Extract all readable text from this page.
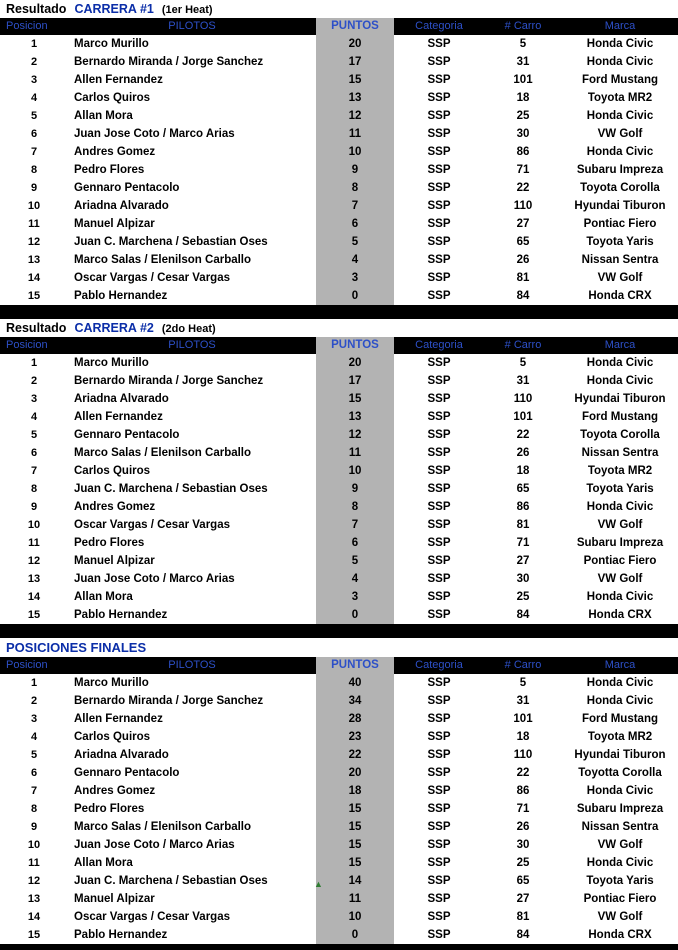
Resultado CARRERA #1 (1er Heat)
Posicion	PILOTOS	PUNTOS	Categoria	# Carro	Marca
1	Marco Murillo	20	SSP	5	Honda Civic
2	Bernardo Miranda / Jorge Sanchez	17	SSP	31	Honda Civic
3	Allen Fernandez	15	SSP	101	Ford Mustang
4	Carlos Quiros	13	SSP	18	Toyota MR2
5	Allan Mora	12	SSP	25	Honda Civic
6	Juan Jose Coto / Marco Arias	11	SSP	30	VW Golf
7	Andres Gomez	10	SSP	86	Honda Civic
8	Pedro Flores	9	SSP	71	Subaru Impreza
9	Gennaro Pentacolo	8	SSP	22	Toyota Corolla
10	Ariadna Alvarado	7	SSP	110	Hyundai Tiburon
11	Manuel Alpizar	6	SSP	27	Pontiac Fiero
12	Juan C. Marchena / Sebastian Oses	5	SSP	65	Toyota Yaris
13	Marco Salas / Elenilson Carballo	4	SSP	26	Nissan Sentra
14	Oscar Vargas / Cesar Vargas	3	SSP	81	VW Golf
15	Pablo Hernandez	0	SSP	84	Honda CRX
Resultado CARRERA #2 (2do Heat)
Posicion	PILOTOS	PUNTOS	Categoria	# Carro	Marca
1	Marco Murillo	20	SSP	5	Honda Civic
2	Bernardo Miranda / Jorge Sanchez	17	SSP	31	Honda Civic
3	Ariadna Alvarado	15	SSP	110	Hyundai Tiburon
4	Allen Fernandez	13	SSP	101	Ford Mustang
5	Gennaro Pentacolo	12	SSP	22	Toyota Corolla
6	Marco Salas / Elenilson Carballo	11	SSP	26	Nissan Sentra
7	Carlos Quiros	10	SSP	18	Toyota MR2
8	Juan C. Marchena / Sebastian Oses	9	SSP	65	Toyota Yaris
9	Andres Gomez	8	SSP	86	Honda Civic
10	Oscar Vargas / Cesar Vargas	7	SSP	81	VW Golf
11	Pedro Flores	6	SSP	71	Subaru Impreza
12	Manuel Alpizar	5	SSP	27	Pontiac Fiero
13	Juan Jose Coto / Marco Arias	4	SSP	30	VW Golf
14	Allan Mora	3	SSP	25	Honda Civic
15	Pablo Hernandez	0	SSP	84	Honda CRX
POSICIONES FINALES
Posicion	PILOTOS	PUNTOS	Categoria	# Carro	Marca
1	Marco Murillo	40	SSP	5	Honda Civic
2	Bernardo Miranda / Jorge Sanchez	34	SSP	31	Honda Civic
3	Allen Fernandez	28	SSP	101	Ford Mustang
4	Carlos Quiros	23	SSP	18	Toyota MR2
5	Ariadna Alvarado	22	SSP	110	Hyundai Tiburon
6	Gennaro Pentacolo	20	SSP	22	Toyotta Corolla
7	Andres Gomez	18	SSP	86	Honda Civic
8	Pedro Flores	15	SSP	71	Subaru Impreza
9	Marco Salas / Elenilson Carballo	15	SSP	26	Nissan Sentra
10	Juan Jose Coto / Marco Arias	15	SSP	30	VW Golf
11	Allan Mora	15	SSP	25	Honda Civic
12	Juan C. Marchena / Sebastian Oses	14	SSP	65	Toyota Yaris
13	Manuel Alpizar	11	SSP	27	Pontiac Fiero
14	Oscar Vargas / Cesar Vargas	10	SSP	81	VW Golf
15	Pablo Hernandez	0	SSP	84	Honda CRX
▲
